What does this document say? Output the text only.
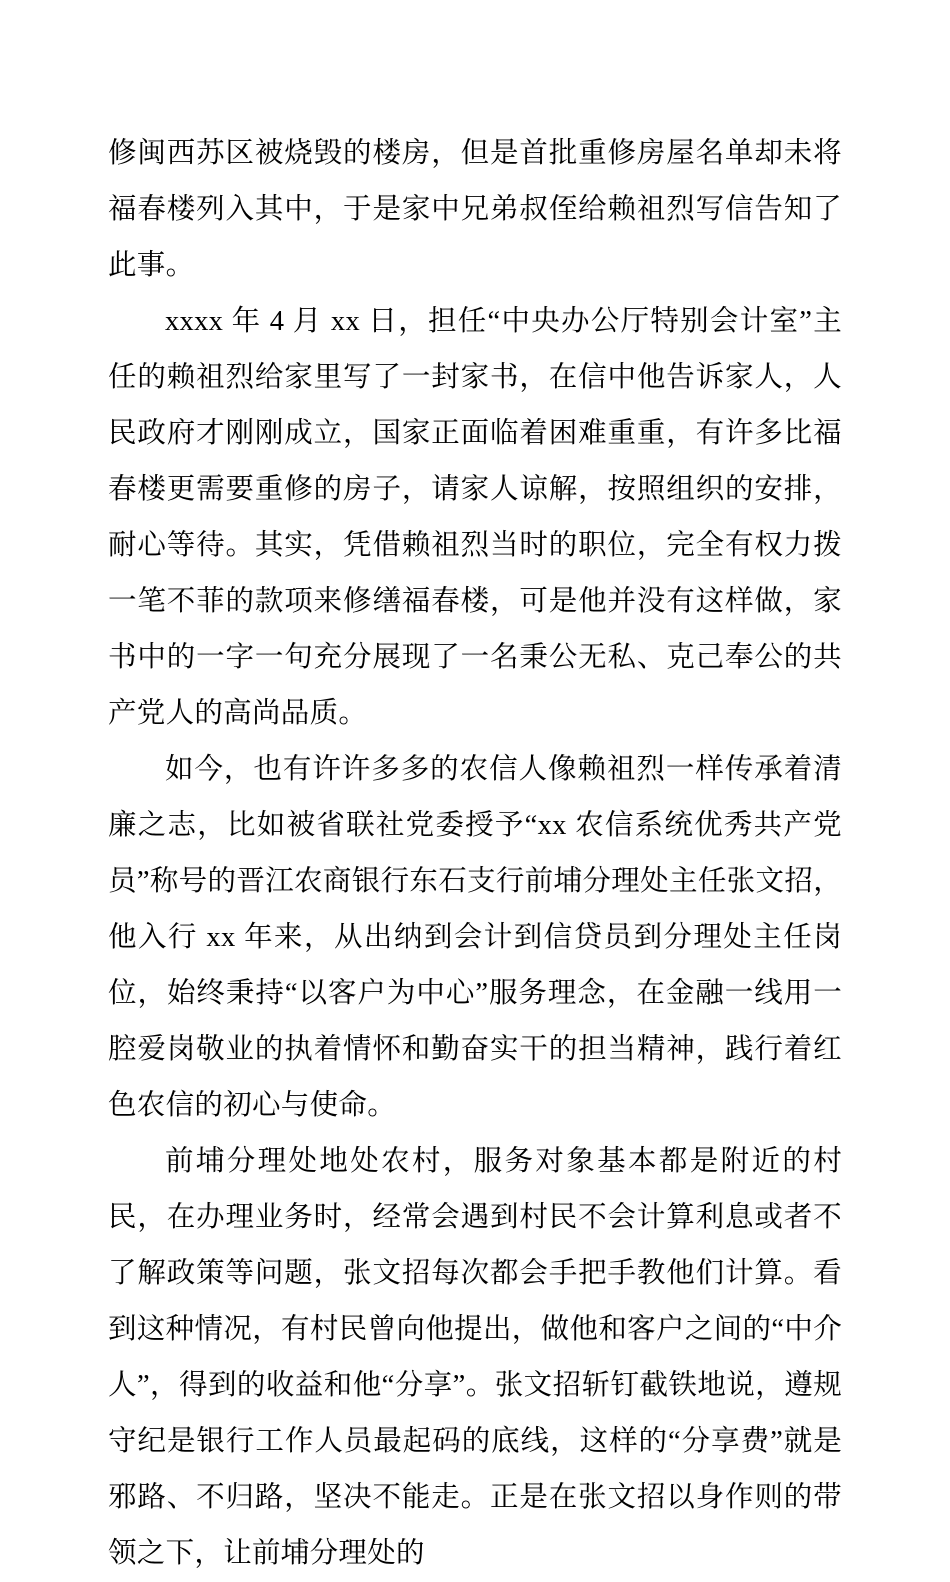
修闽西苏区被烧毁的楼房，但是首批重修房屋名单却未将福春楼列入其中，于是家中兄弟叔侄给赖祖烈写信告知了此事。

xxxx 年 4 月 xx 日，担任“中央办公厅特别会计室”主任的赖祖烈给家里写了一封家书，在信中他告诉家人，人民政府才刚刚成立，国家正面临着困难重重，有许多比福春楼更需要重修的房子，请家人谅解，按照组织的安排，耐心等待。其实，凭借赖祖烈当时的职位，完全有权力拨一笔不菲的款项来修缮福春楼，可是他并没有这样做，家书中的一字一句充分展现了一名秉公无私、克己奉公的共产党人的高尚品质。

如今，也有许许多多的农信人像赖祖烈一样传承着清廉之志，比如被省联社党委授予“xx 农信系统优秀共产党员”称号的晋江农商银行东石支行前埔分理处主任张文招，他入行 xx 年来，从出纳到会计到信贷员到分理处主任岗位，始终秉持“以客户为中心”服务理念，在金融一线用一腔爱岗敬业的执着情怀和勤奋实干的担当精神，践行着红色农信的初心与使命。

前埔分理处地处农村，服务对象基本都是附近的村民，在办理业务时，经常会遇到村民不会计算利息或者不了解政策等问题，张文招每次都会手把手教他们计算。看到这种情况，有村民曾向他提出，做他和客户之间的“中介人”，得到的收益和他“分享”。张文招斩钉截铁地说，遵规守纪是银行工作人员最起码的底线，这样的“分享费”就是邪路、不归路，坚决不能走。正是在张文招以身作则的带领之下，让前埔分理处的
